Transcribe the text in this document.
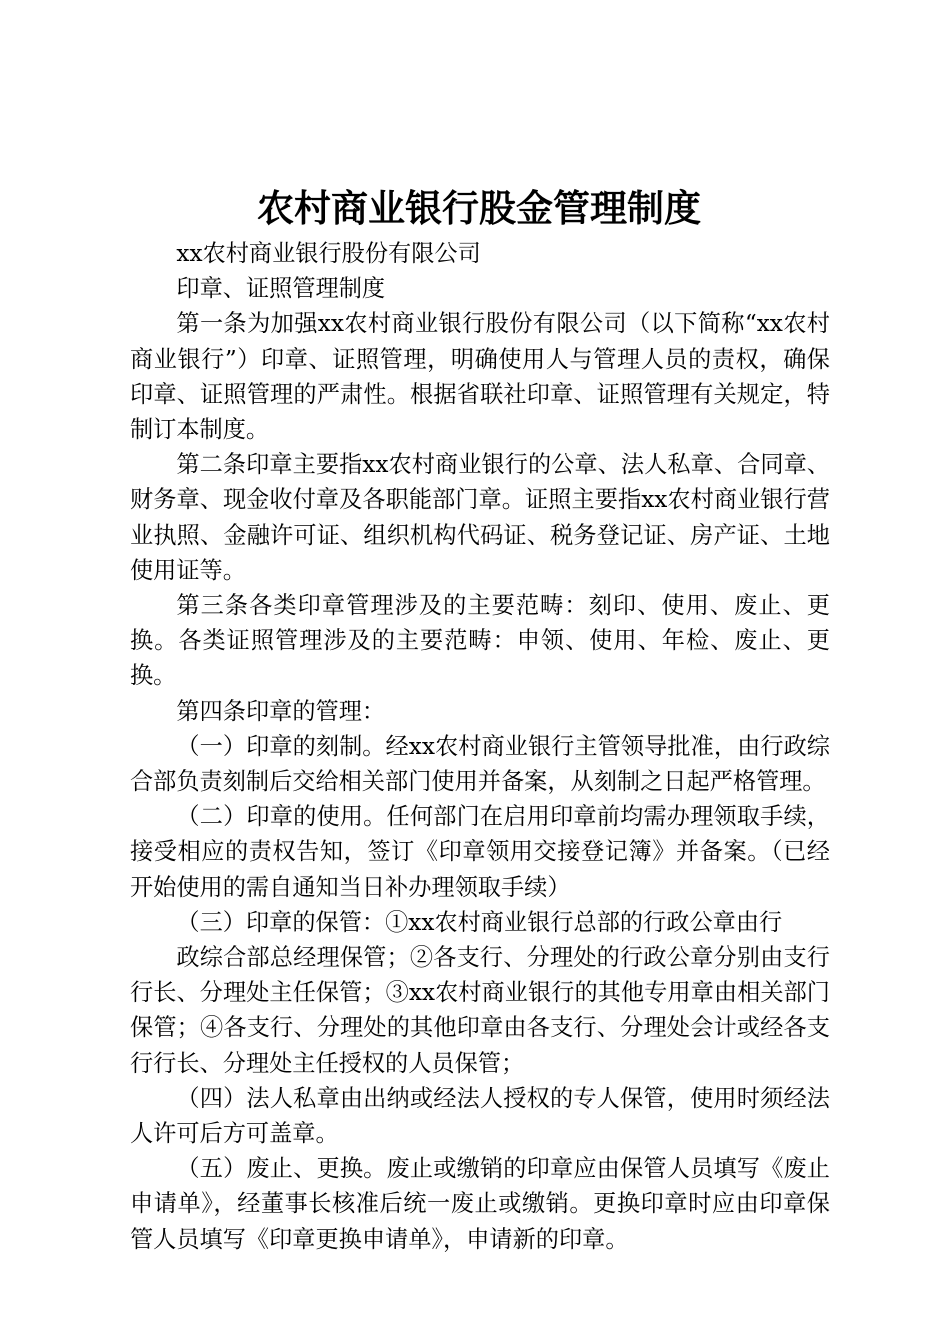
农村商业银行股金管理制度

xx农村商业银行股份有限公司

印章、证照管理制度

第一条为加强xx农村商业银行股份有限公司（以下简称“xx农村商业银行”）印章、证照管理，明确使用人与管理人员的责权，确保印章、证照管理的严肃性。根据省联社印章、证照管理有关规定，特制订本制度。

第二条印章主要指xx农村商业银行的公章、法人私章、合同章、财务章、现金收付章及各职能部门章。证照主要指xx农村商业银行营业执照、金融许可证、组织机构代码证、税务登记证、房产证、土地使用证等。

第三条各类印章管理涉及的主要范畴：刻印、使用、废止、更换。各类证照管理涉及的主要范畴：申领、使用、年检、废止、更换。

第四条印章的管理：

（一）印章的刻制。经xx农村商业银行主管领导批准，由行政综合部负责刻制后交给相关部门使用并备案，从刻制之日起严格管理。

（二）印章的使用。任何部门在启用印章前均需办理领取手续，接受相应的责权告知，签订《印章领用交接登记簿》并备案。（已经开始使用的需自通知当日补办理领取手续）

（三）印章的保管：①xx农村商业银行总部的行政公章由行

政综合部总经理保管；②各支行、分理处的行政公章分别由支行行长、分理处主任保管；③xx农村商业银行的其他专用章由相关部门保管；④各支行、分理处的其他印章由各支行、分理处会计或经各支行行长、分理处主任授权的人员保管；

（四）法人私章由出纳或经法人授权的专人保管，使用时须经法人许可后方可盖章。

（五）废止、更换。废止或缴销的印章应由保管人员填写《废止申请单》，经董事长核准后统一废止或缴销。更换印章时应由印章保管人员填写《印章更换申请单》，申请新的印章。
